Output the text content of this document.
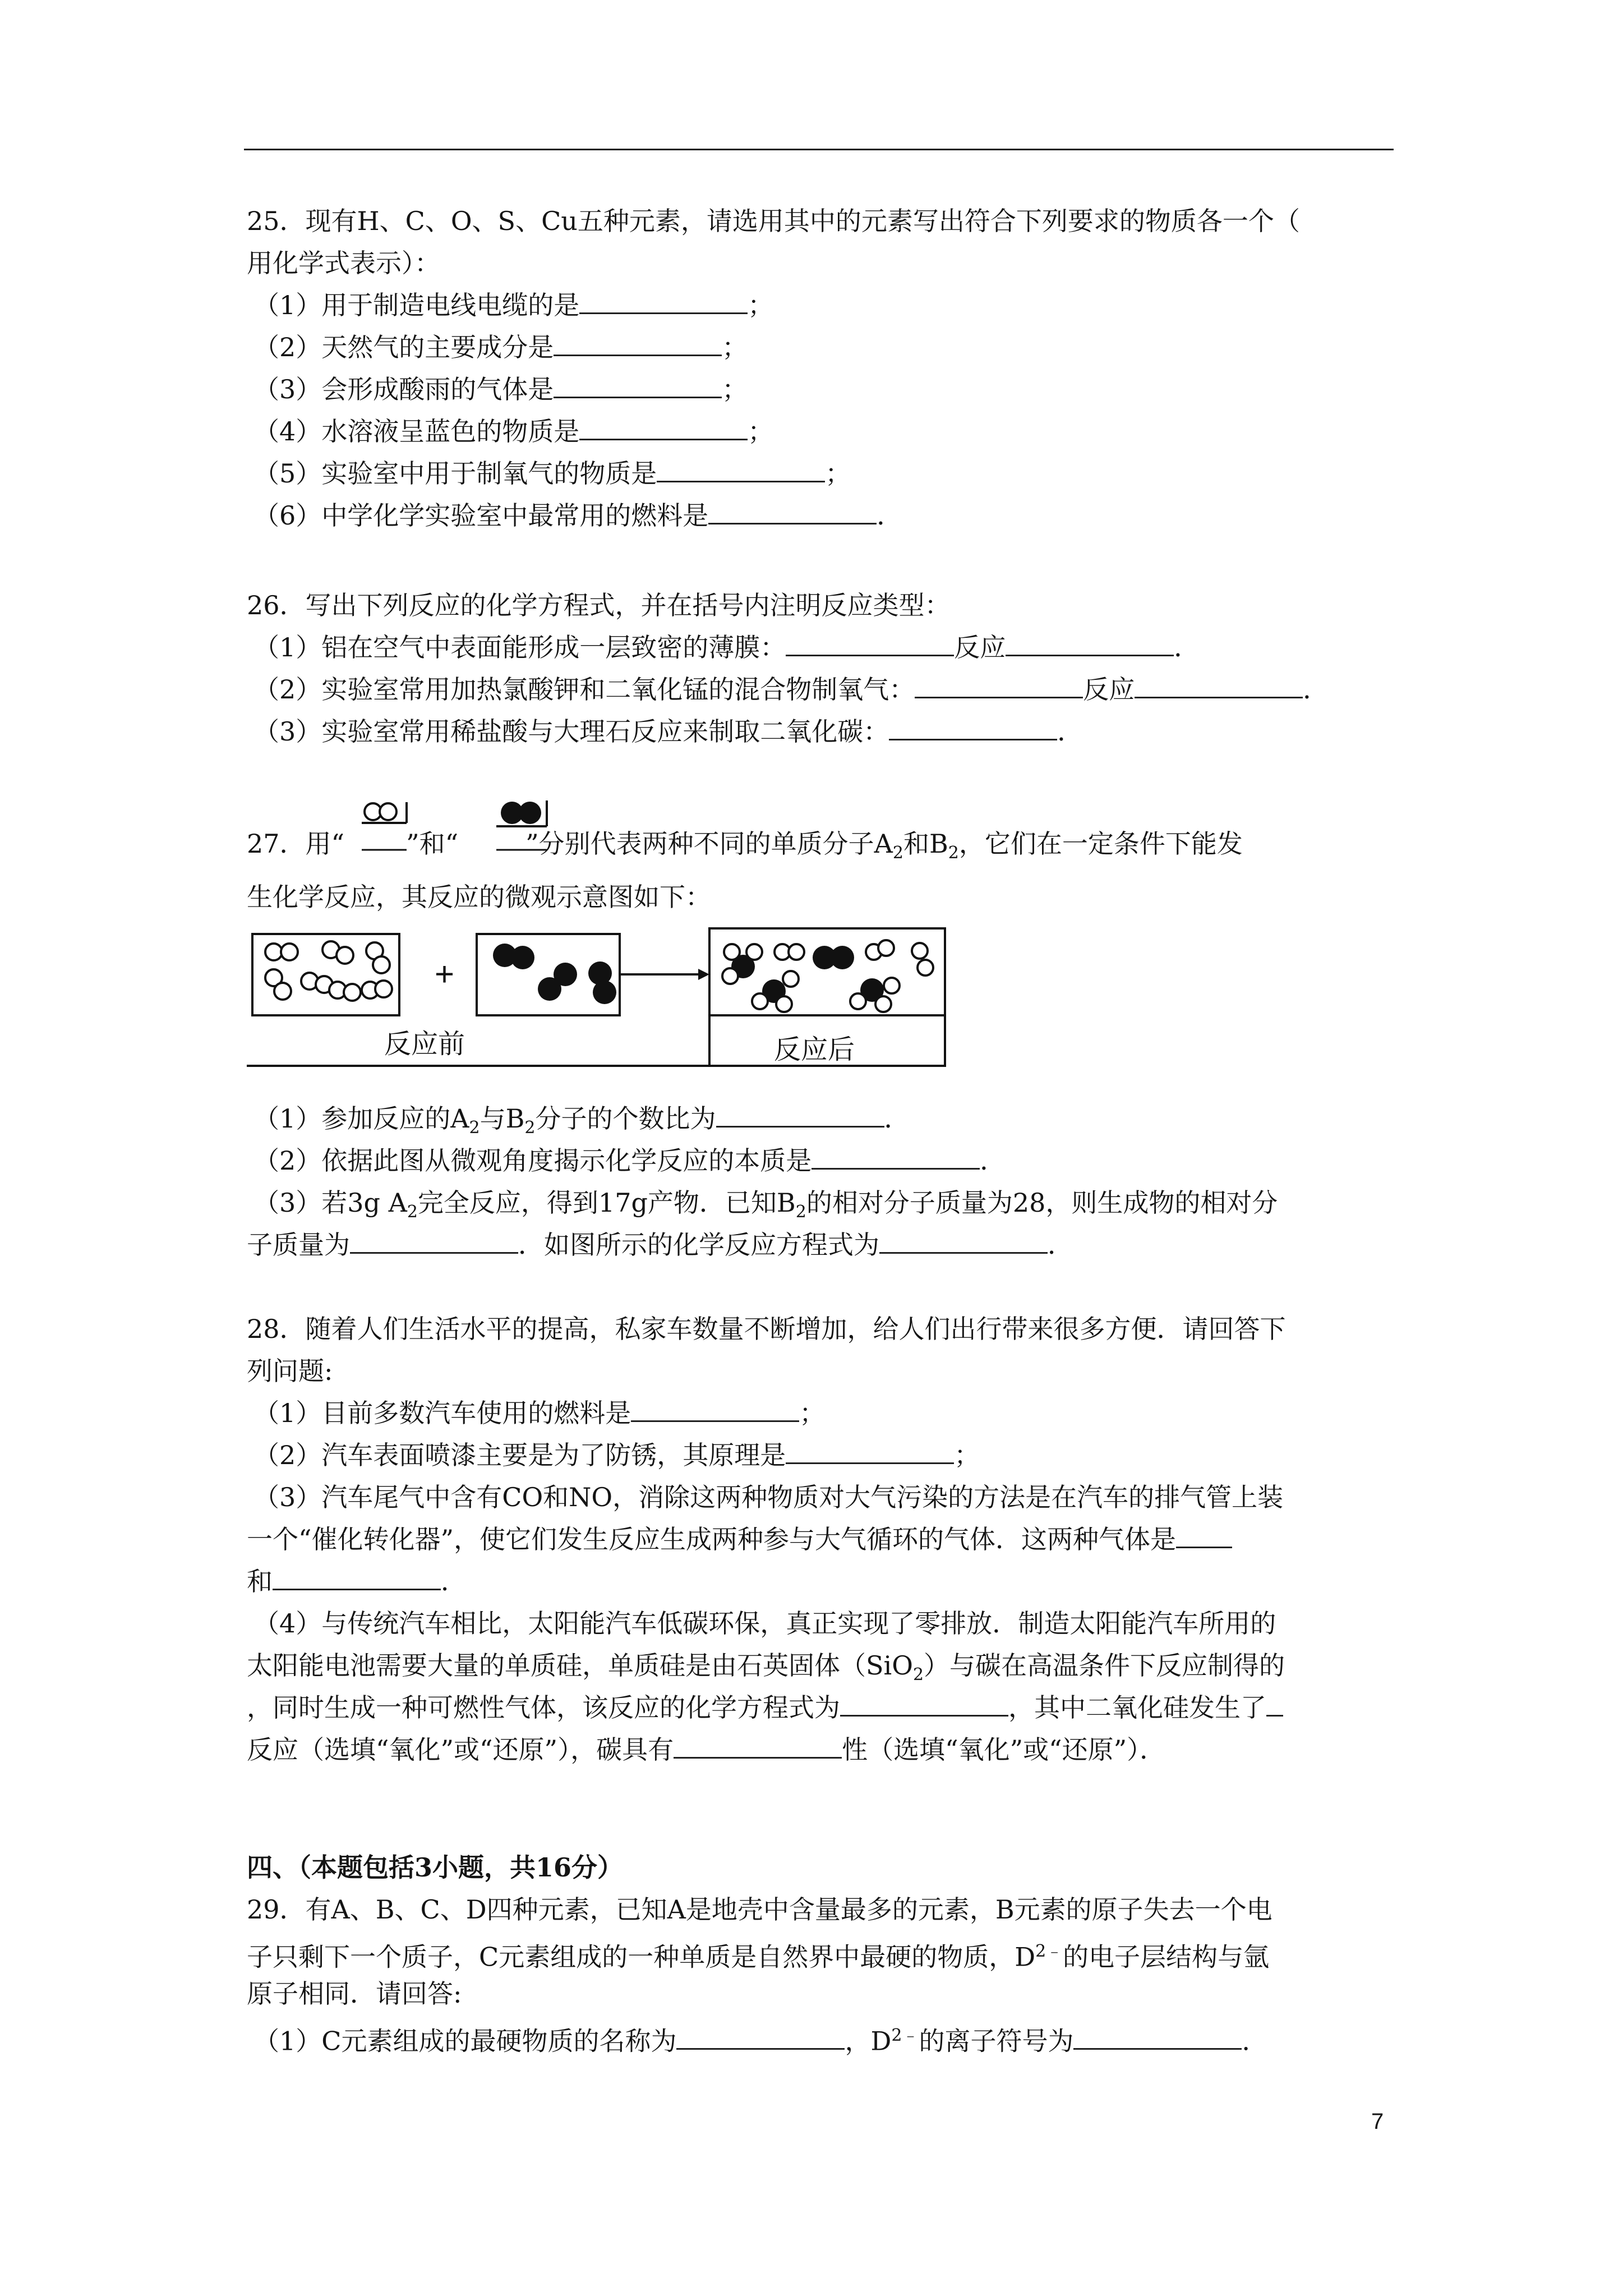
25．现有H、C、O、S、Cu五种元素，请选用其中的元素写出符合下列要求的物质各一个（
用化学式表示）：
（1）用于制造电线电缆的是	；
（2）天然气的主要成分是	；
（3）会形成酸雨的气体是	；
（4）水溶液呈蓝色的物质是	；
（5）实验室中用于制氧气的物质是	；
（6）中学化学实验室中最常用的燃料是	．
26．写出下列反应的化学方程式，并在括号内注明反应类型：
（1）铝在空气中表面能形成一层致密的薄膜：	反应	．
（2）实验室常用加热氯酸钾和二氧化锰的混合物制氧气：	反应	．
（3）实验室常用稀盐酸与大理石反应来制取二氧化碳：	．
27．用“ ”和“	”分别代表两种不同的单质分子$A_2$和$B_2$，它们在一定条件下能发
生化学反应，其反应的微观示意图如下：
+
反应前	反应后
（1）参加反应的$A_2$与$B_2$分子的个数比为	．
（2）依据此图从微观角度揭示化学反应的本质是	．
（3）若3g $A_2$完全反应，得到17g产物．已知$B_2$的相对分子质量为28，则生成物的相对分
子质量为	．如图所示的化学反应方程式为	．
28．随着人们生活水平的提高，私家车数量不断增加，给人们出行带来很多方便．请回答下
列问题:
（1）目前多数汽车使用的燃料是	；
（2）汽车表面喷漆主要是为了防锈，其原理是	；
（3）汽车尾气中含有CO和NO，消除这两种物质对大气污染的方法是在汽车的排气管上装
一个“催化转化器”，使它们发生反应生成两种参与大气循环的气体．这两种气体是
和	．
（4）与传统汽车相比，太阳能汽车低碳环保，真正实现了零排放．制造太阳能汽车所用的
太阳能电池需要大量的单质硅，单质硅是由石英固体（SiO$_2$）与碳在高温条件下反应制得的
，同时生成一种可燃性气体，该反应的化学方程式为	，其中二氧化硅发生了
反应（选填“氧化”或“还原”），碳具有	性（选填“氧化”或“还原”）．
四、（本题包括3小题，共16分）
29．有A、B、C、D四种元素，已知A是地壳中含量最多的元素，B元素的原子失去一个电
子只剩下一个质子，C元素组成的一种单质是自然界中最硬的物质，$D^{2﹣}$的电子层结构与氩
原子相同．请回答:
（1）C元素组成的最硬物质的名称为	，$D^{2﹣}$的离子符号为	．
7
